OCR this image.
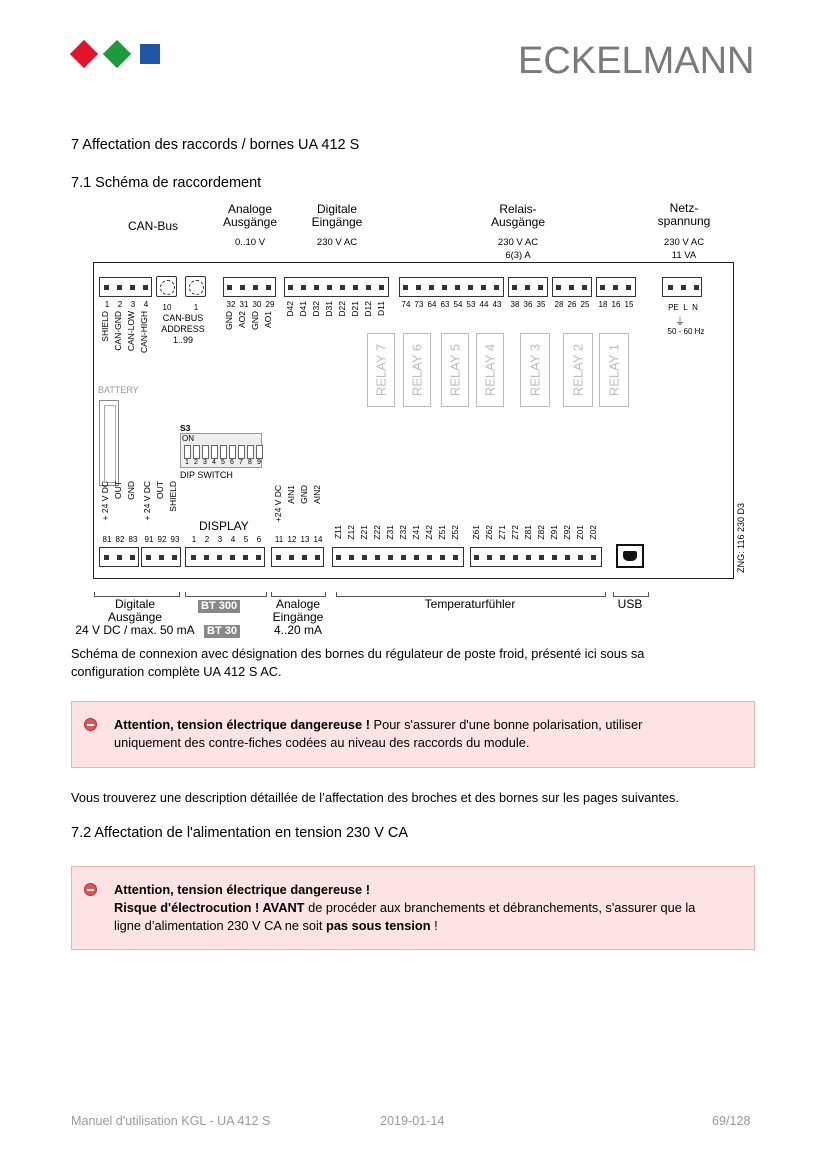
ECKELMANN
7 Affectation des raccords / bornes UA 412 S
7.1 Schéma de raccordement
CAN-Bus
Analoge
Ausgänge
0..10 V
Digitale
Eingänge
230 V AC
Relais-
Ausgänge
230 V AC
6(3) A
Netz-
spannung
230 V AC
11 VA
10	1
CAN-BUS
ADDRESS
1..99
1	2	3	4
SHIELD CAN-GND CAN-LOW CAN-HIGH
32 31 30 29
GND AO2 GND AO1
D42 D41 D32 D31 D22 D21 D12 D11 74 73 64 63 54 53 44 43 38 36 35 28 26 25 18 16 15
RELAY 7 RELAY 6 RELAY 5 RELAY 4 RELAY 3 RELAY 2 RELAY 1
PE L N
⏚
50 - 60 Hz
BATTERY
S3
ON
1 2 3 4 5 6 7 8 9
DIP SWITCH
DISPLAY
+ 24 V DC OUT GND + 24 V DC OUT SHIELD
81 82 83 91 92 93	1	2	3	4	5	6
+24 V DC AIN1 GND AIN2
11 12 13 14
Z11 Z12 Z21 Z22 Z31 Z32 Z41 Z42 Z51 Z52 Z61 Z62 Z71 Z72 Z81 Z82 Z91 Z92 Z01 Z02	ZNG: 116 230 D3
Digitale
Ausgänge
24 V DC / max. 50 mA
BT 300
BT 30
Analoge
Eingänge
4..20 mA
Temperaturfühler	USB
Schéma de connexion avec désignation des bornes du régulateur de poste froid, présenté ici sous sa
configuration complète UA 412 S AC.
Attention, tension électrique dangereuse ! Pour s'assurer d'une bonne polarisation, utiliser
uniquement des contre-fiches codées au niveau des raccords du module.
Vous trouverez une description détaillée de l’affectation des broches et des bornes sur les pages suivantes.
7.2 Affectation de l'alimentation en tension 230 V CA
Attention, tension électrique dangereuse !
Risque d'électrocution ! AVANT de procéder aux branchements et débranchements, s'assurer que la
ligne d’alimentation 230 V CA ne soit pas sous tension !
Manuel d'utilisation KGL - UA 412 S	2019-01-14	69/128
